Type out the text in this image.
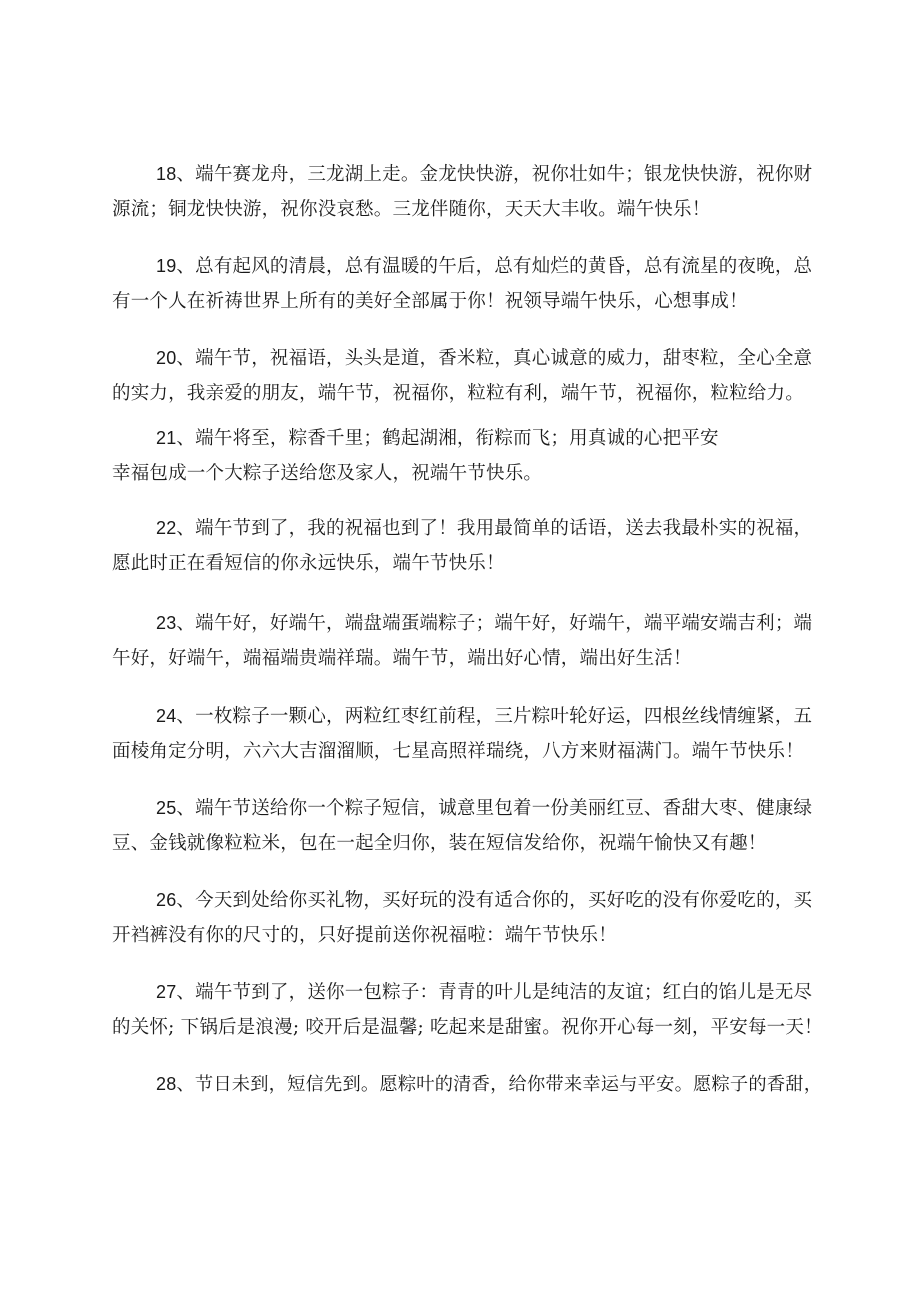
18、端午赛龙舟，三龙湖上走。金龙快快游，祝你壮如牛；银龙快快游，祝你财
源流；铜龙快快游，祝你没哀愁。三龙伴随你，天天大丰收。端午快乐！

19、总有起风的清晨，总有温暖的午后，总有灿烂的黄昏，总有流星的夜晚，总
有一个人在祈祷世界上所有的美好全部属于你！祝领导端午快乐，心想事成！

20、端午节，祝福语，头头是道，香米粒，真心诚意的威力，甜枣粒，全心全意
的实力，我亲爱的朋友，端午节，祝福你，粒粒有利，端午节，祝福你，粒粒给力。

21、端午将至，粽香千里；鹤起湖湘，衔粽而飞；用真诚的心把平安
幸福包成一个大粽子送给您及家人，祝端午节快乐。

22、端午节到了，我的祝福也到了！我用最简单的话语，送去我最朴实的祝福，
愿此时正在看短信的你永远快乐，端午节快乐！

23、端午好，好端午，端盘端蛋端粽子；端午好，好端午，端平端安端吉利；端
午好，好端午，端福端贵端祥瑞。端午节，端出好心情，端出好生活！

24、一枚粽子一颗心，两粒红枣红前程，三片粽叶轮好运，四根丝线情缠紧，五
面棱角定分明，六六大吉溜溜顺，七星高照祥瑞绕，八方来财福满门。端午节快乐！

25、端午节送给你一个粽子短信，诚意里包着一份美丽红豆、香甜大枣、健康绿
豆、金钱就像粒粒米，包在一起全归你，装在短信发给你，祝端午愉快又有趣！

26、今天到处给你买礼物，买好玩的没有适合你的，买好吃的没有你爱吃的，买
开裆裤没有你的尺寸的，只好提前送你祝福啦：端午节快乐！

27、端午节到了，送你一包粽子：青青的叶儿是纯洁的友谊；红白的馅儿是无尽
的关怀; 下锅后是浪漫; 咬开后是温馨; 吃起来是甜蜜。祝你开心每一刻，平安每一天！

28、节日未到，短信先到。愿粽叶的清香，给你带来幸运与平安。愿粽子的香甜，
